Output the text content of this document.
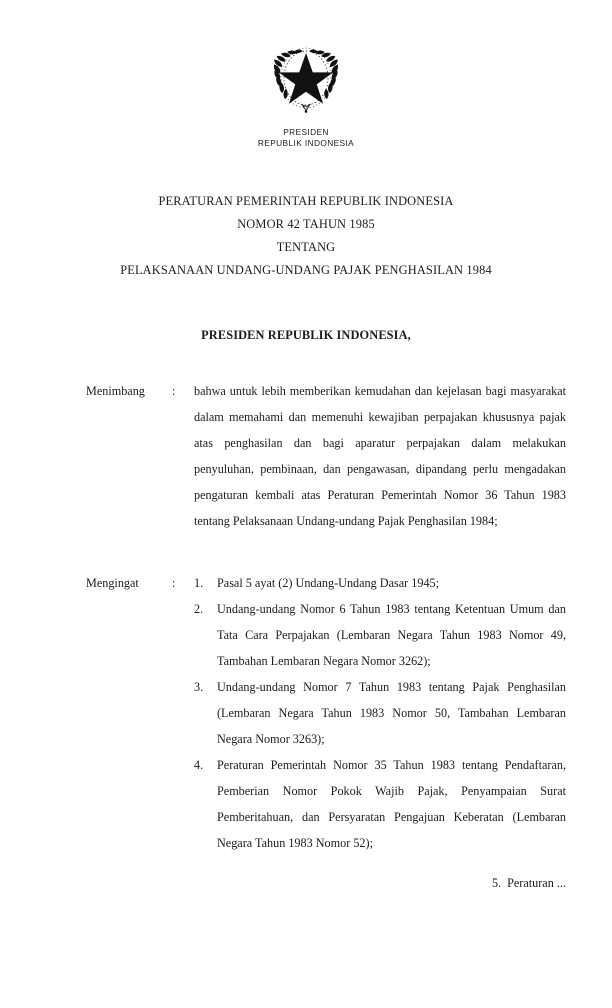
PRESIDEN
REPUBLIK INDONESIA
PERATURAN PEMERINTAH REPUBLIK INDONESIA
NOMOR 42 TAHUN 1985
TENTANG
PELAKSANAAN UNDANG-UNDANG PAJAK PENGHASILAN 1984
PRESIDEN REPUBLIK INDONESIA,
Menimbang	:	bahwa untuk lebih memberikan kemudahan dan kejelasan bagi masyarakat dalam memahami dan memenuhi kewajiban perpajakan khususnya pajak atas penghasilan dan bagi aparatur perpajakan dalam melakukan penyuluhan, pembinaan, dan pengawasan, dipandang perlu mengadakan pengaturan kembali atas Peraturan Pemerintah Nomor 36 Tahun 1983 tentang Pelaksanaan Undang-undang Pajak Penghasilan 1984;

Mengingat	:	1.	Pasal 5 ayat (2) Undang-Undang Dasar 1945;
2.	Undang-undang Nomor 6 Tahun 1983 tentang Ketentuan Umum dan Tata Cara Perpajakan (Lembaran Negara Tahun 1983 Nomor 49, Tambahan Lembaran Negara Nomor 3262);
3.	Undang-undang Nomor 7 Tahun 1983 tentang Pajak Penghasilan (Lembaran Negara Tahun 1983 Nomor 50, Tambahan Lembaran Negara Nomor 3263);
4.	Peraturan Pemerintah Nomor 35 Tahun 1983 tentang Pendaftaran, Pemberian Nomor Pokok Wajib Pajak, Penyampaian Surat Pemberitahuan, dan Persyaratan Pengajuan Keberatan (Lembaran Negara Tahun 1983 Nomor 52);
5. Peraturan ...
